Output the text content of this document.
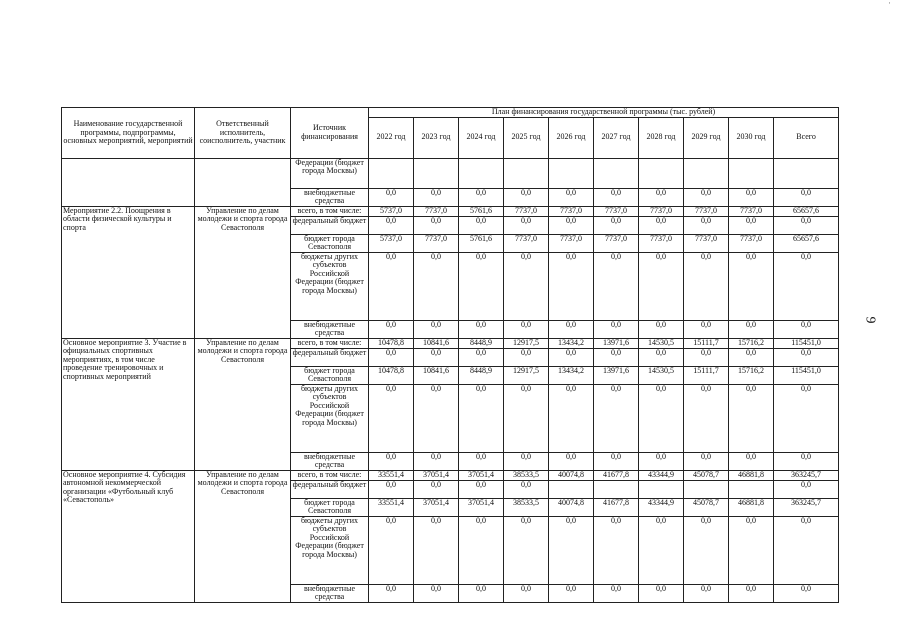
·
9
Наименование государственной программы, подпрограммы, основных мероприятий, мероприятий	Ответственный исполнитель, соисполнитель, участник	Источник финансирования	План финансирования государственной программы (тыс. рублей)									
			2022 год	2023 год	2024 год	2025 год	2026 год	2027 год	2028 год	2029 год	2030 год	Всего
		Федерации (бюджет города Москвы)										
		внебюджетные средства	0,0	0,0	0,0	0,0	0,0	0,0	0,0	0,0	0,0	0,0
Мероприятие 2.2. Поощрения в области физической культуры и спорта	Управление по делам молодежи и спорта города Севастополя	всего, в том числе:	5737,0	7737,0	5761,6	7737,0	7737,0	7737,0	7737,0	7737,0	7737,0	65657,6
		федеральный бюджет	0,0	0,0	0,0	0,0	0,0	0,0	0,0	0,0	0,0	0,0
		бюджет города Севастополя	5737,0	7737,0	5761,6	7737,0	7737,0	7737,0	7737,0	7737,0	7737,0	65657,6
		бюджеты других субъектов Российской Федерации (бюджет города Москвы)	0,0	0,0	0,0	0,0	0,0	0,0	0,0	0,0	0,0	0,0
		внебюджетные средства	0,0	0,0	0,0	0,0	0,0	0,0	0,0	0,0	0,0	0,0
Основное мероприятие 3. Участие в официальных спортивных мероприятиях, в том числе проведение тренировочных и спортивных мероприятий	Управление по делам молодежи и спорта города Севастополя	всего, в том числе:	10478,8	10841,6	8448,9	12917,5	13434,2	13971,6	14530,5	15111,7	15716,2	115451,0
		федеральный бюджет	0,0	0,0	0,0	0,0	0,0	0,0	0,0	0,0	0,0	0,0
		бюджет города Севастополя	10478,8	10841,6	8448,9	12917,5	13434,2	13971,6	14530,5	15111,7	15716,2	115451,0
		бюджеты других субъектов Российской Федерации (бюджет города Москвы)	0,0	0,0	0,0	0,0	0,0	0,0	0,0	0,0	0,0	0,0
		внебюджетные средства	0,0	0,0	0,0	0,0	0,0	0,0	0,0	0,0	0,0	0,0
Основное мероприятие 4. Субсидия автономной некоммерческой организации «Футбольный клуб «Севастополь»	Управление по делам молодежи и спорта города Севастополя	всего, в том числе:	33551,4	37051,4	37051,4	38533,5	40074,8	41677,8	43344,9	45078,7	46881,8	363245,7
		федеральный бюджет	0,0	0,0	0,0	0,0						0,0
		бюджет города Севастополя	33551,4	37051,4	37051,4	38533,5	40074,8	41677,8	43344,9	45078,7	46881,8	363245,7
		бюджеты других субъектов Российской Федерации (бюджет города Москвы)	0,0	0,0	0,0	0,0	0,0	0,0	0,0	0,0	0,0	0,0
		внебюджетные средства	0,0	0,0	0,0	0,0	0,0	0,0	0,0	0,0	0,0	0,0
